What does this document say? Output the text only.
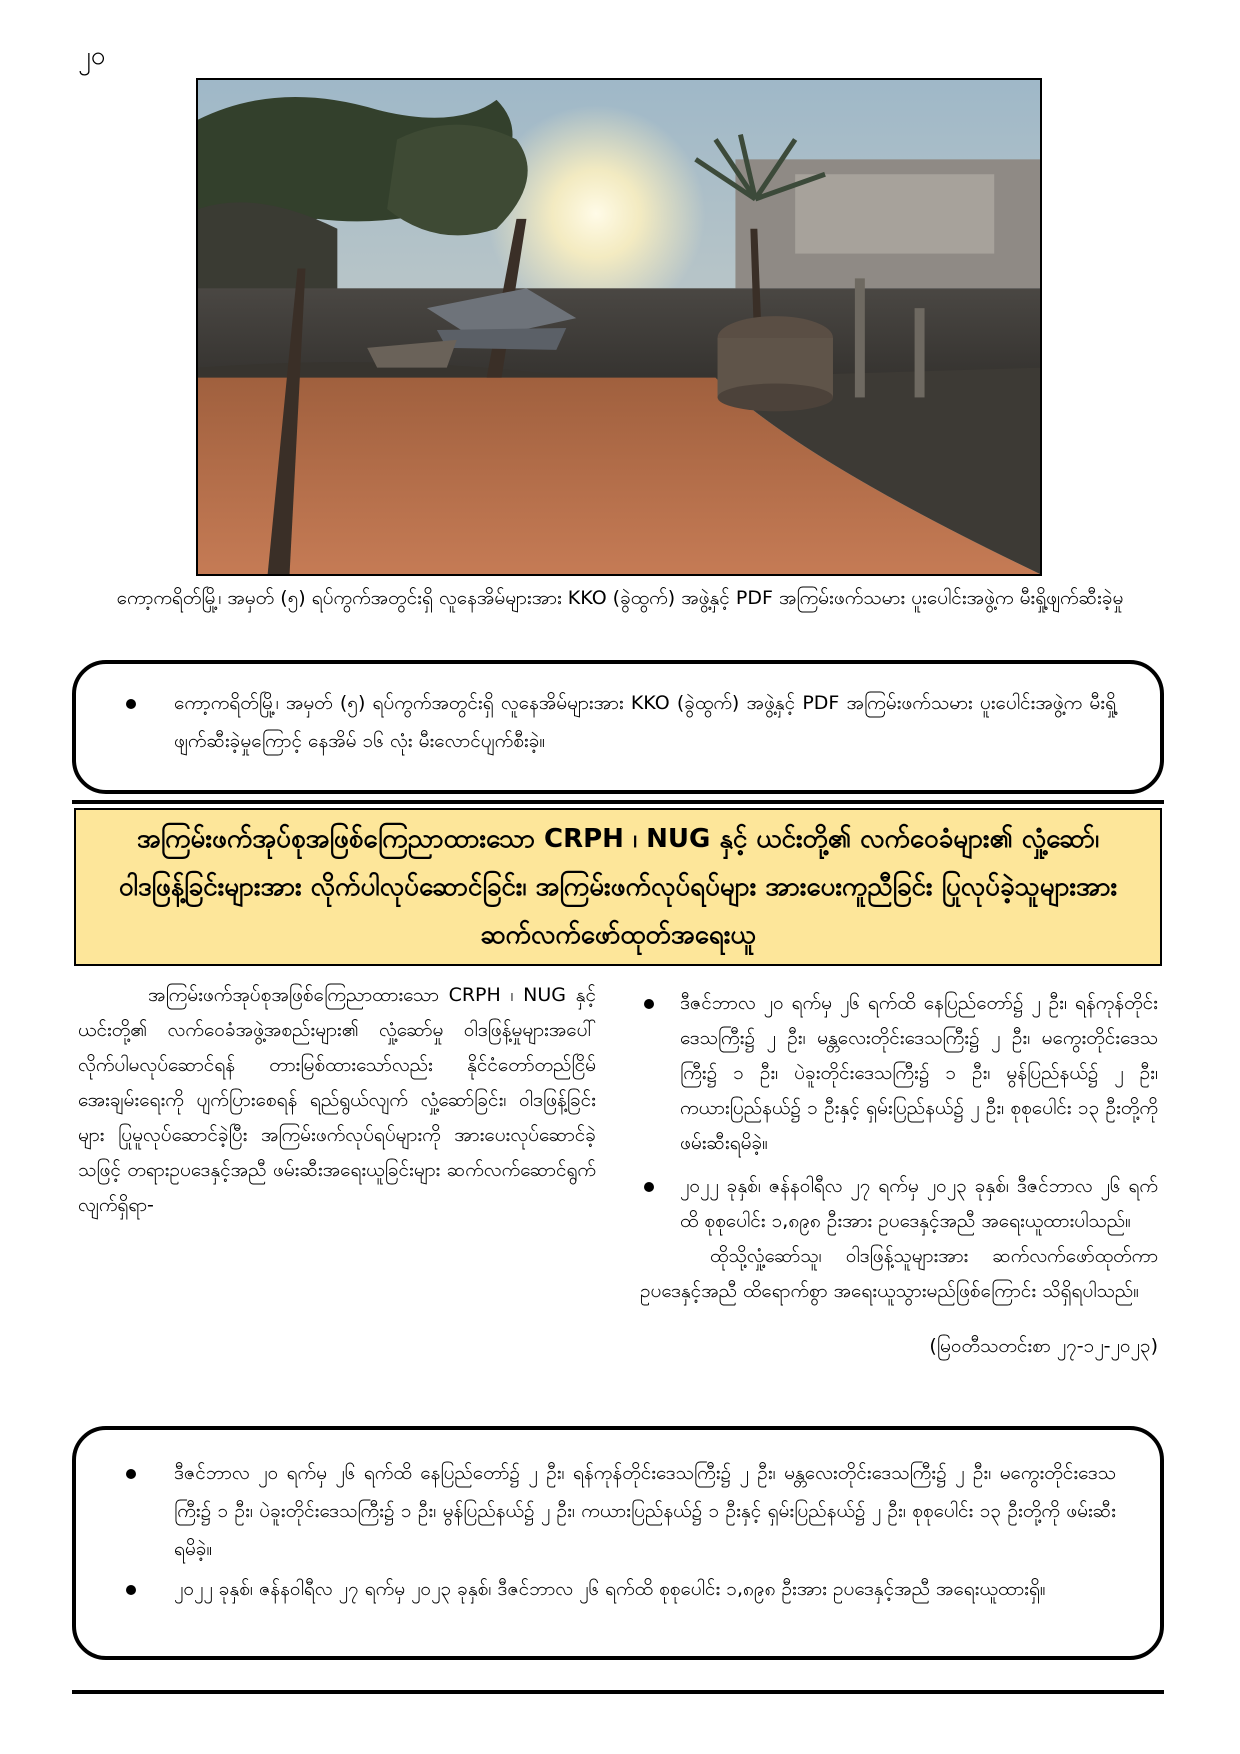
၂၀
ကော့ကရိတ်မြို့၊ အမှတ် (၅) ရပ်ကွက်အတွင်းရှိ လူနေအိမ်များအား KKO (ခွဲထွက်) အဖွဲ့နှင့် PDF အကြမ်းဖက်သမား ပူးပေါင်းအဖွဲ့က မီးရှို့ဖျက်ဆီးခဲ့မှု
ကော့ကရိတ်မြို့၊ အမှတ် (၅) ရပ်ကွက်အတွင်းရှိ လူနေအိမ်များအား KKO (ခွဲထွက်) အဖွဲ့နှင့် PDF အကြမ်းဖက်သမား ပူးပေါင်းအဖွဲ့က မီးရှို့ဖျက်ဆီးခဲ့မှုကြောင့် နေအိမ် ၁၆ လုံး မီးလောင်ပျက်စီးခဲ့။
အကြမ်းဖက်အုပ်စုအဖြစ်ကြေညာထားသော CRPH ၊ NUG နှင့် ယင်းတို့၏ လက်ဝေခံများ၏ လှုံ့ဆော်၊ ဝါဒဖြန့်ခြင်းများအား လိုက်ပါလုပ်ဆောင်ခြင်း၊ အကြမ်းဖက်လုပ်ရပ်များ အားပေးကူညီခြင်း ပြုလုပ်ခဲ့သူများအား ဆက်လက်ဖော်ထုတ်အရေးယူ

အကြမ်းဖက်အုပ်စုအဖြစ်ကြေညာထားသော CRPH ၊ NUG နှင့် ယင်းတို့၏ လက်ဝေခံအဖွဲ့အစည်းများ၏ လှုံ့ဆော်မှု ဝါဒဖြန့်မှုများအပေါ် လိုက်ပါမလုပ်ဆောင်ရန် တားမြစ်ထားသော်လည်း နိုင်ငံတော်တည်ငြိမ်အေးချမ်းရေးကို ပျက်ပြားစေရန် ရည်ရွယ်လျက် လှုံ့ဆော်ခြင်း၊ ဝါဒဖြန့်ခြင်းများ ပြုမူလုပ်ဆောင်ခဲ့ပြီး အကြမ်းဖက်လုပ်ရပ်များကို အားပေးလုပ်ဆောင်ခဲ့သဖြင့် တရားဥပဒေနှင့်အညီ ဖမ်းဆီးအရေးယူခြင်းများ ဆက်လက်ဆောင်ရွက်လျက်ရှိရာ-

ဒီဇင်ဘာလ ၂၀ ရက်မှ ၂၆ ရက်ထိ နေပြည်တော်၌ ၂ ဦး၊ ရန်ကုန်တိုင်းဒေသကြီး၌ ၂ ဦး၊ မန္တလေးတိုင်းဒေသကြီး၌ ၂ ဦး၊ မကွေးတိုင်းဒေသကြီး၌ ၁ ဦး၊ ပဲခူးတိုင်းဒေသကြီး၌ ၁ ဦး၊ မွန်ပြည်နယ်၌ ၂ ဦး၊ ကယားပြည်နယ်၌ ၁ ဦးနှင့် ရှမ်းပြည်နယ်၌ ၂ ဦး၊ စုစုပေါင်း ၁၃ ဦးတို့ကို ဖမ်းဆီးရမိခဲ့။

၂၀၂၂ ခုနှစ်၊ ဇန်နဝါရီလ ၂၇ ရက်မှ ၂၀၂၃ ခုနှစ်၊ ဒီဇင်ဘာလ ၂၆ ရက်ထိ စုစုပေါင်း ၁,၈၉၈ ဦးအား ဥပဒေနှင့်အညီ အရေးယူထားပါသည်။

ထိုသို့လှုံ့ဆော်သူ၊ ဝါဒဖြန့်သူများအား ဆက်လက်ဖော်ထုတ်ကာ ဥပဒေနှင့်အညီ ထိရောက်စွာ အရေးယူသွားမည်ဖြစ်ကြောင်း သိရှိရပါသည်။

(မြဝတီသတင်းစာ ၂၇-၁၂-၂၀၂၃)

ဒီဇင်ဘာလ ၂၀ ရက်မှ ၂၆ ရက်ထိ နေပြည်တော်၌ ၂ ဦး၊ ရန်ကုန်တိုင်းဒေသကြီး၌ ၂ ဦး၊ မန္တလေးတိုင်းဒေသကြီး၌ ၂ ဦး၊ မကွေးတိုင်းဒေသကြီး၌ ၁ ဦး၊ ပဲခူးတိုင်းဒေသကြီး၌ ၁ ဦး၊ မွန်ပြည်နယ်၌ ၂ ဦး၊ ကယားပြည်နယ်၌ ၁ ဦးနှင့် ရှမ်းပြည်နယ်၌ ၂ ဦး၊ စုစုပေါင်း ၁၃ ဦးတို့ကို ဖမ်းဆီးရမိခဲ့။
၂၀၂၂ ခုနှစ်၊ ဇန်နဝါရီလ ၂၇ ရက်မှ ၂၀၂၃ ခုနှစ်၊ ဒီဇင်ဘာလ ၂၆ ရက်ထိ စုစုပေါင်း ၁,၈၉၈ ဦးအား ဥပဒေနှင့်အညီ အရေးယူထားရှိ။
